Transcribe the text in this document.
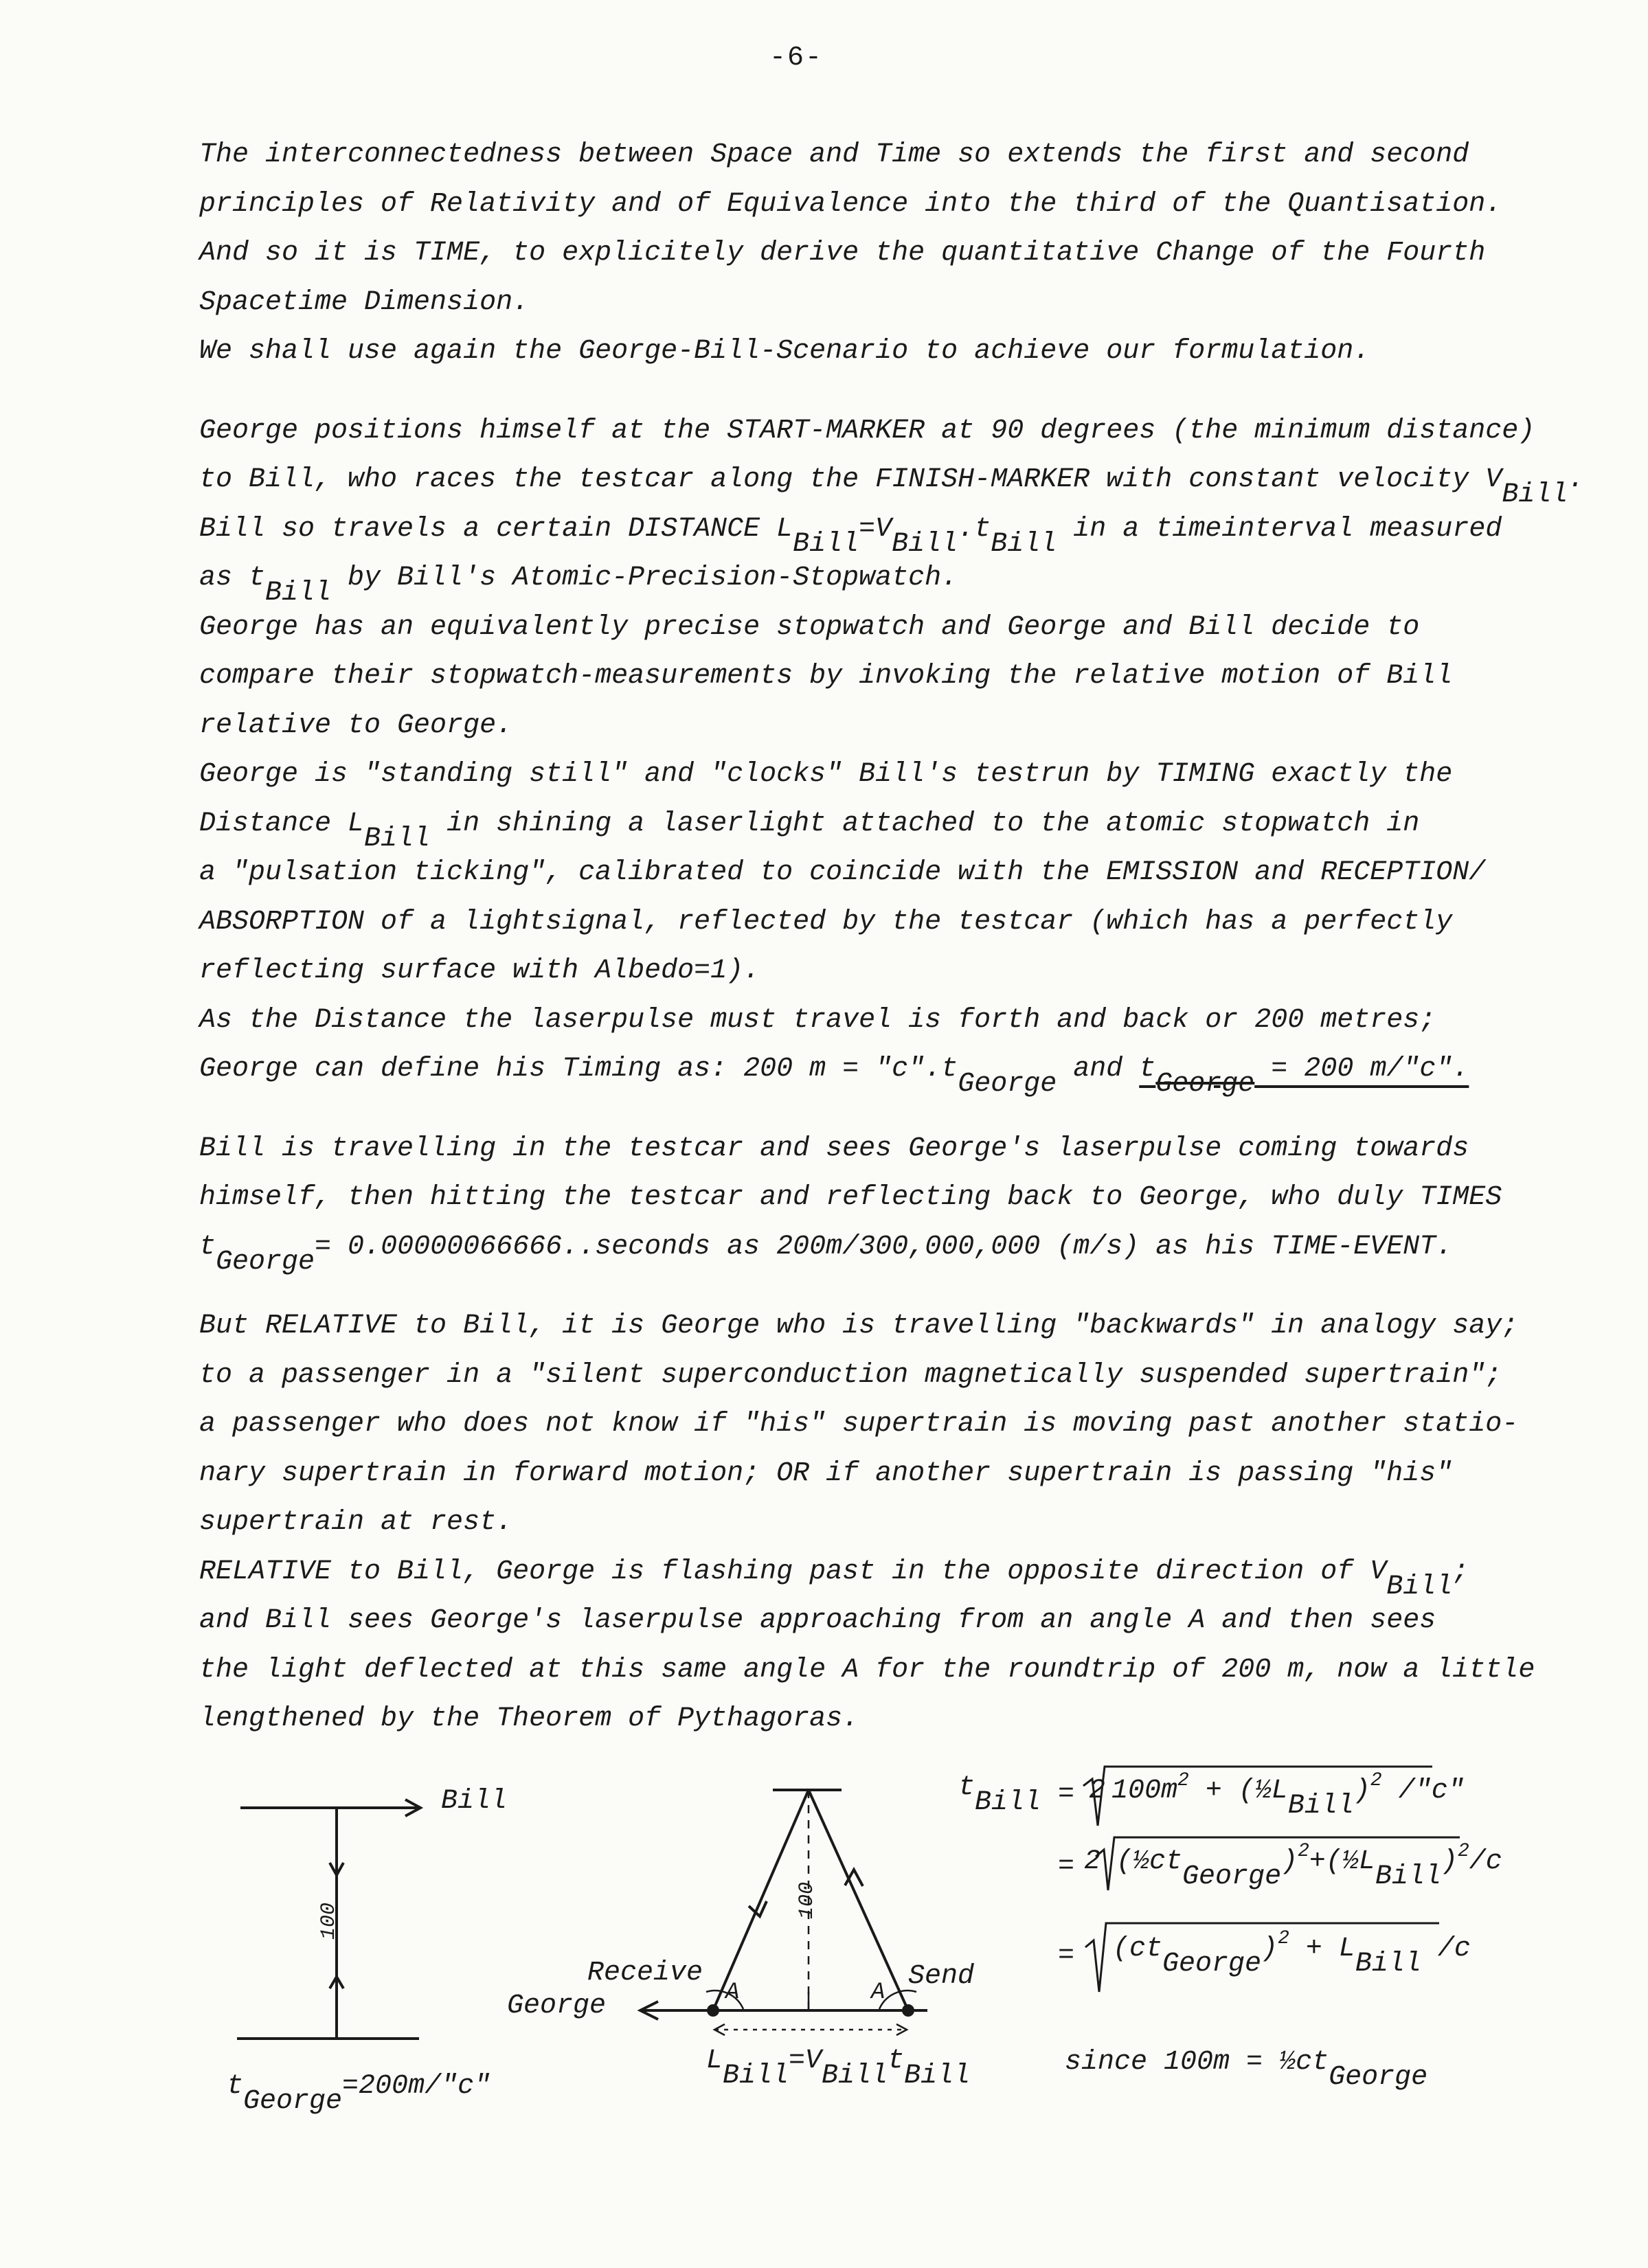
-6-
The interconnectedness between Space and Time so extends the first and second
principles of Relativity and of Equivalence into the third of the Quantisation.
And so it is TIME, to explicitely derive the quantitative Change of the Fourth
Spacetime Dimension.
We shall use again the George-Bill-Scenario to achieve our formulation.
George positions himself at the START-MARKER at 90 degrees (the minimum distance)
to Bill, who races the testcar along the FINISH-MARKER with constant velocity $V_{Bill}$.
Bill so travels a certain DISTANCE $L_{Bill}=V_{Bill}.t_{Bill}$ in a timeinterval measured
as $t_{Bill}$ by Bill's Atomic-Precision-Stopwatch.
George has an equivalently precise stopwatch and George and Bill decide to
compare their stopwatch-measurements by invoking the relative motion of Bill
relative to George.
George is "standing still" and "clocks" Bill's testrun by TIMING exactly the
Distance $L_{Bill}$ in shining a laserlight attached to the atomic stopwatch in
a "pulsation ticking", calibrated to coincide with the EMISSION and RECEPTION/
ABSORPTION of a lightsignal, reflected by the testcar (which has a perfectly
reflecting surface with Albedo=1).
As the Distance the laserpulse must travel is forth and back or 200 metres;
George can define his Timing as: 200 $m = "c".t_{George}$ and $t_{George} = 200$ m/"c".
Bill is travelling in the testcar and sees George's laserpulse coming towards
himself, then hitting the testcar and reflecting back to George, who duly TIMES
$t_{George}=$ 0.00000066666..seconds as 200m/300,000,000 (m/s) as his TIME-EVENT.
But RELATIVE to Bill, it is George who is travelling "backwards" in analogy say;
to a passenger in a "silent superconduction magnetically suspended supertrain";
a passenger who does not know if "his" supertrain is moving past another statio-
nary supertrain in forward motion; OR if another supertrain is passing "his"
supertrain at rest.
RELATIVE to Bill, George is flashing past in the opposite direction of $V_{Bill}$;
and Bill sees George's laserpulse approaching from an angle A and then sees
the light deflected at this same angle A for the roundtrip of 200 m, now a little
lengthened by the Theorem of Pythagoras.
Bill
100
$t_{George}=200m/"c$"
Receive
George
Send
A	A
100
$L_{Bill}=V_{Bill}t_{Bill}$
$t_{Bill} = 2$ $100m^2$ + $(\frac{1}{2}L_{Bill})^2$ /"c"
= 2 $(\frac{1}{2}ct_{George})^2+(\frac{1}{2}L_{Bill})^2/c$
= $(ct_{George})^2 + L_{Bill}$ /c
since $100m = \frac{1}{2}ct_{George}$
